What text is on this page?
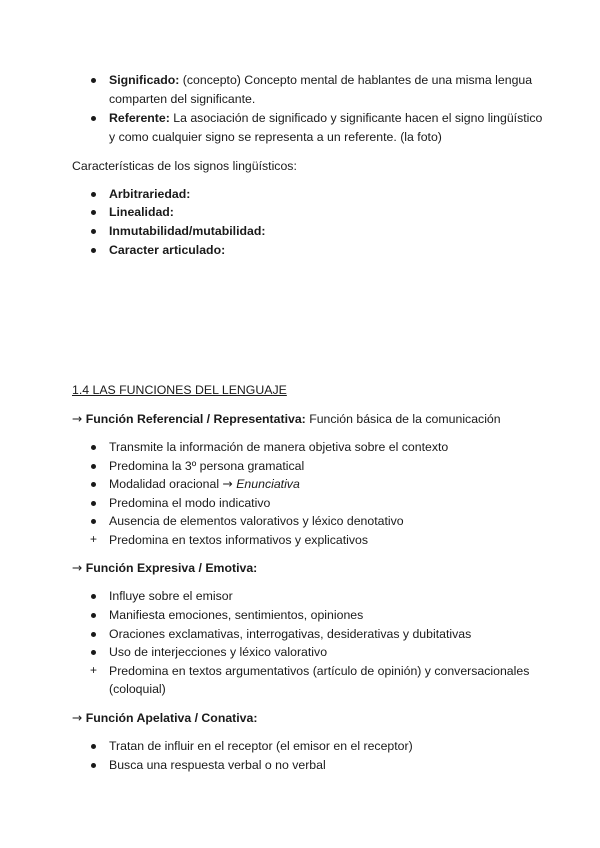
Significado: (concepto) Concepto mental de hablantes de una misma lengua
comparten del significante.
Referente: La asociación de significado y significante hacen el signo lingüístico
y como cualquier signo se representa a un referente. (la foto)
Características de los signos lingüísticos:
Arbitrariedad:
Linealidad:
Inmutabilidad/mutabilidad:
Caracter articulado:
1.4 LAS FUNCIONES DEL LENGUAJE
→ Función Referencial / Representativa: Función básica de la comunicación
Transmite la información de manera objetiva sobre el contexto
Predomina la 3º persona gramatical
Modalidad oracional → Enunciativa
Predomina el modo indicativo
Ausencia de elementos valorativos y léxico denotativo
+ Predomina en textos informativos y explicativos
→ Función Expresiva / Emotiva:
Influye sobre el emisor
Manifiesta emociones, sentimientos, opiniones
Oraciones exclamativas, interrogativas, desiderativas y dubitativas
Uso de interjecciones y léxico valorativo
+ Predomina en textos argumentativos (artículo de opinión) y conversacionales
(coloquial)
→ Función Apelativa / Conativa:
Tratan de influir en el receptor (el emisor en el receptor)
Busca una respuesta verbal o no verbal
